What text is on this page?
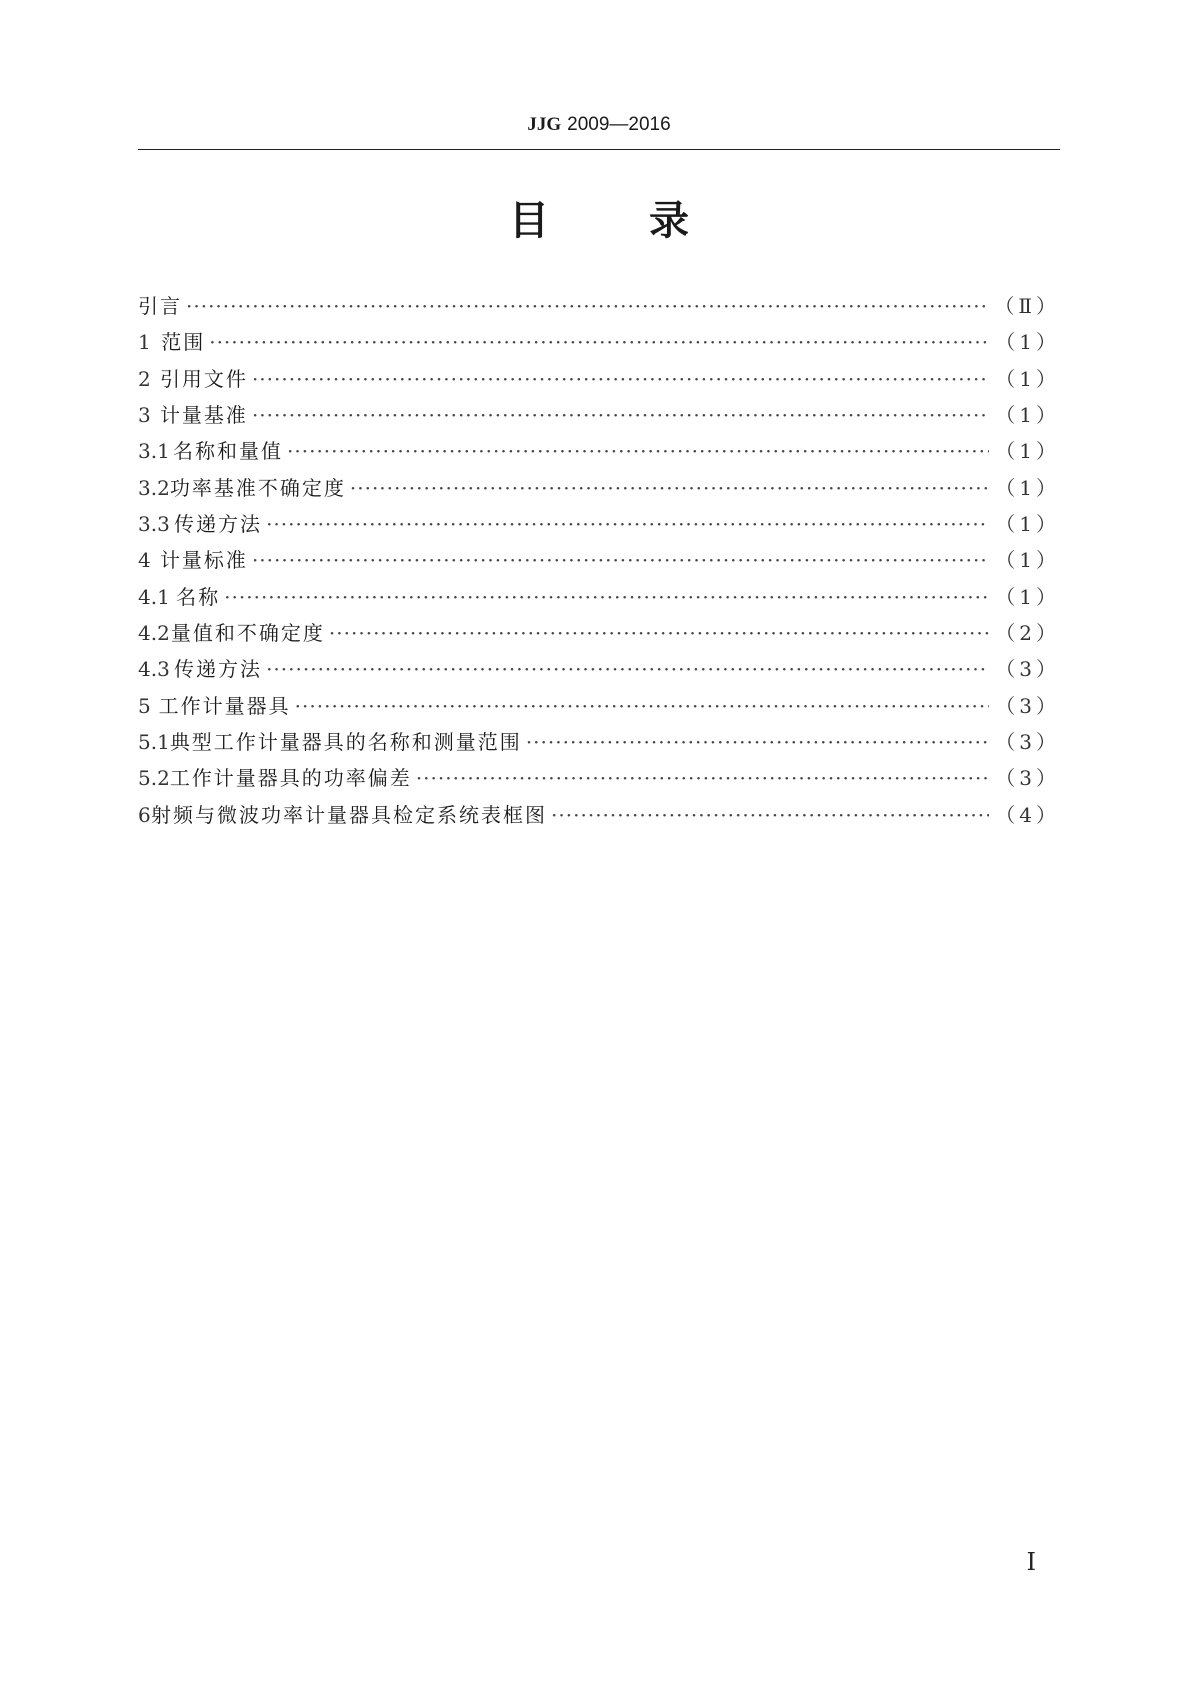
JJG 2009—2016
目	录
引言 ·····	（Ⅱ）
1 范围 ·····	（1）
2 引用文件 ·····	（1）
3 计量基准 ·····	（1）
3.1 名称和量值 ·····	（1）
3.2 功率基准不确定度 ·····	（1）
3.3 传递方法 ·····	（1）
4 计量标准 ·····	（1）
4.1 名称 ·····	（1）
4.2 量值和不确定度 ·····	（2）
4.3 传递方法 ·····	（3）
5 工作计量器具 ·····	（3）
5.1 典型工作计量器具的名称和测量范围 ·····	（3）
5.2 工作计量器具的功率偏差 ·····	（3）
6 射频与微波功率计量器具检定系统表框图 ·····	（4）
Ⅰ
